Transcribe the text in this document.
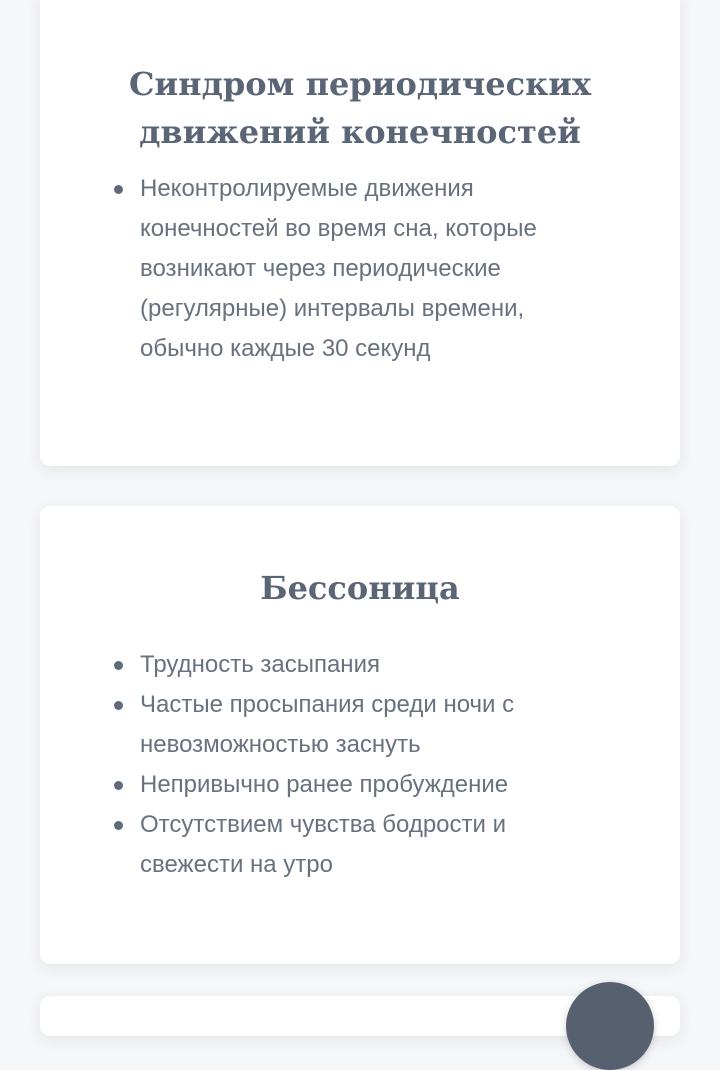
Синдром периодических движений конечностей
Неконтролируемые движения конечностей во время сна, которые возникают через периодические (регулярные) интервалы времени, обычно каждые 30 секунд
Бессоница
Трудность засыпания
Частые просыпания среди ночи с невозможностью заснуть
Непривычно ранее пробуждение
Отсутствием чувства бодрости и свежести на утро
